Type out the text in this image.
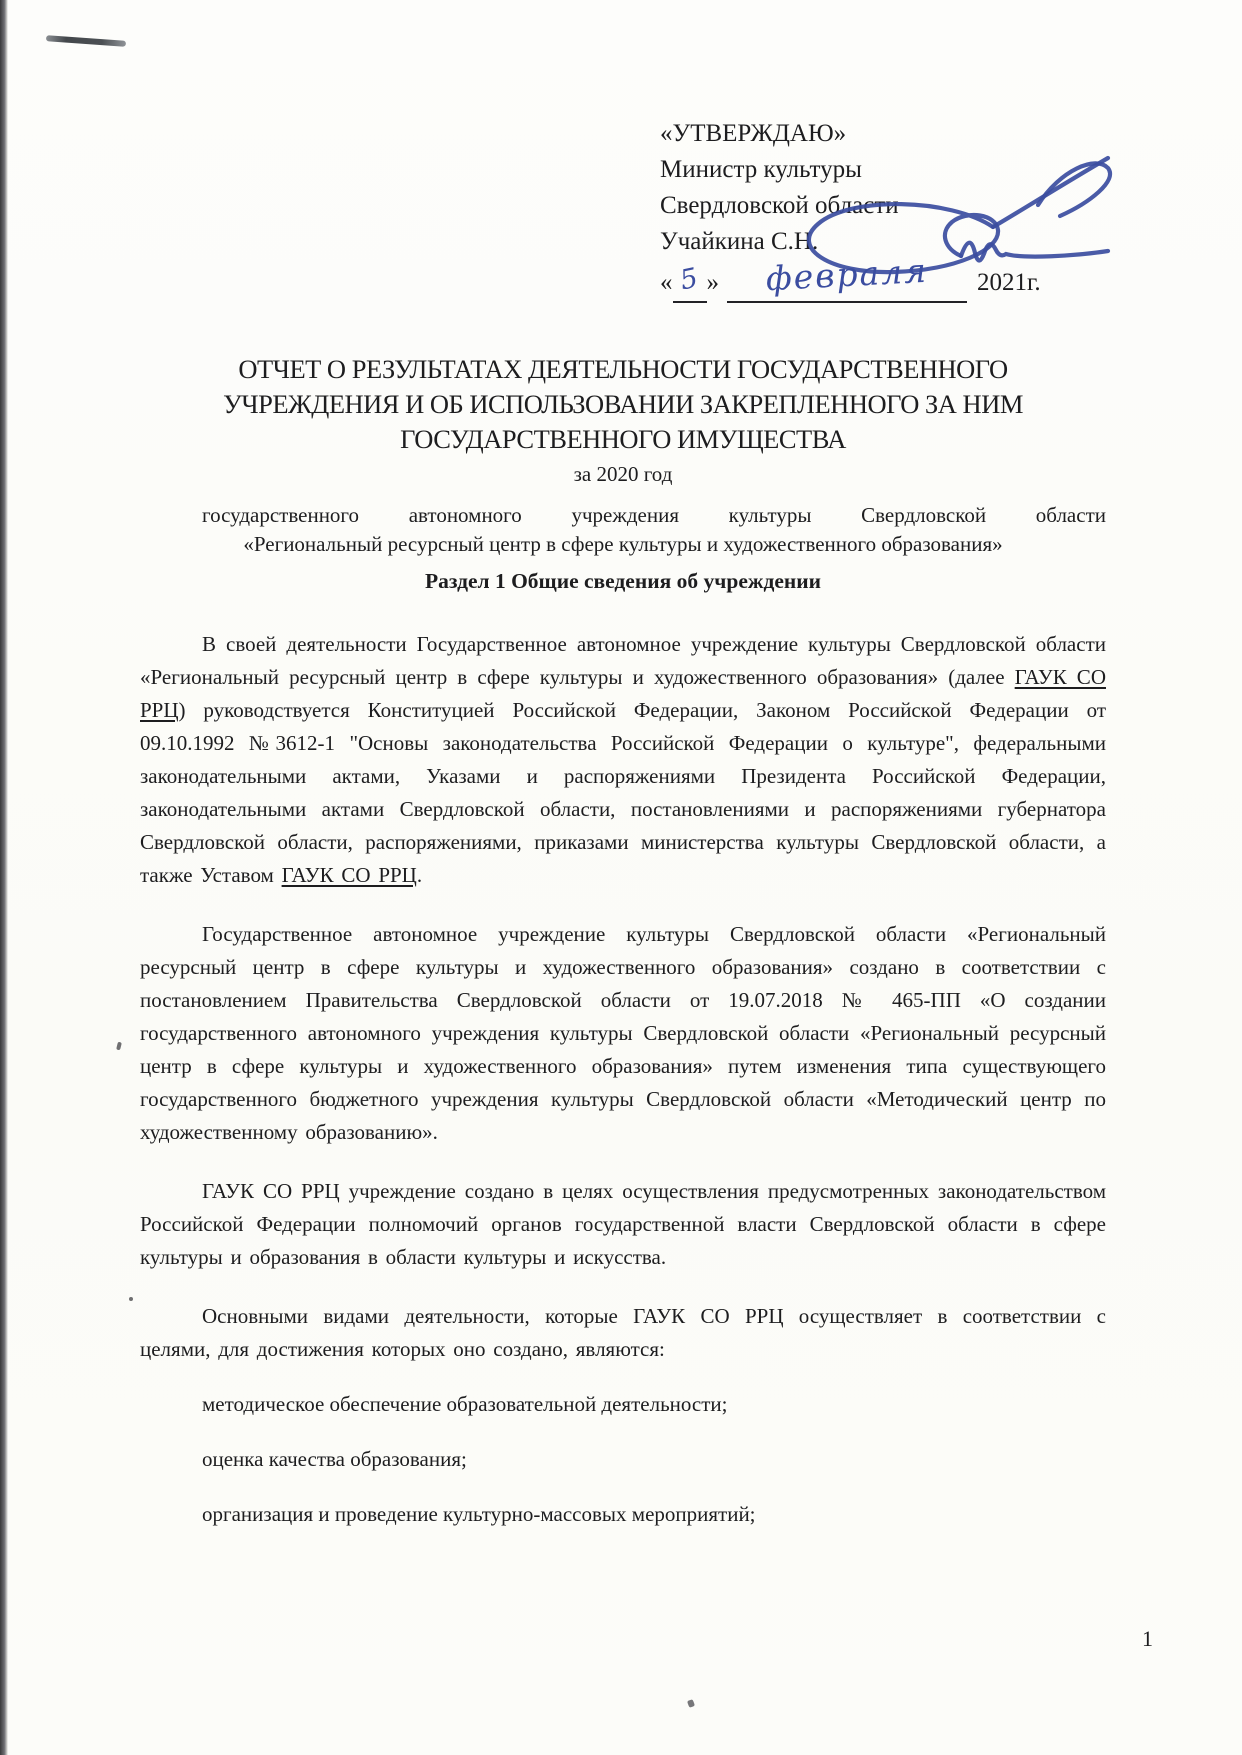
«УТВЕРЖДАЮ»
Министр культуры
Свердловской области
Учайкина С.Н.
« 5 » февраля 2021г.
ОТЧЕТ О РЕЗУЛЬТАТАХ ДЕЯТЕЛЬНОСТИ ГОСУДАРСТВЕННОГО
УЧРЕЖДЕНИЯ И ОБ ИСПОЛЬЗОВАНИИ ЗАКРЕПЛЕННОГО ЗА НИМ
ГОСУДАРСТВЕННОГО ИМУЩЕСТВА
за 2020 год
государственного автономного учреждения культуры Свердловской области
«Региональный ресурсный центр в сфере культуры и художественного образования»
Раздел 1 Общие сведения об учреждении

В своей деятельности Государственное автономное учреждение культуры Свердловской области «Региональный ресурсный центр в сфере культуры и художественного образования» (далее ГАУК СО РРЦ) руководствуется Конституцией Российской Федерации, Законом Российской Федерации от 09.10.1992 №3612-1 "Основы законодательства Российской Федерации о культуре", федеральными законодательными актами, Указами и распоряжениями Президента Российской Федерации, законодательными актами Свердловской области, постановлениями и распоряжениями губернатора Свердловской области, распоряжениями, приказами министерства культуры Свердловской области, а также Уставом ГАУК СО РРЦ.

Государственное автономное учреждение культуры Свердловской области «Региональный ресурсный центр в сфере культуры и художественного образования» создано в соответствии с постановлением Правительства Свердловской области от 19.07.2018 № 465-ПП «О создании государственного автономного учреждения культуры Свердловской области «Региональный ресурсный центр в сфере культуры и художественного образования» путем изменения типа существующего государственного бюджетного учреждения культуры Свердловской области «Методический центр по художественному образованию».

ГАУК СО РРЦ учреждение создано в целях осуществления предусмотренных законодательством Российской Федерации полномочий органов государственной власти Свердловской области в сфере культуры и образования в области культуры и искусства.

Основными видами деятельности, которые ГАУК СО РРЦ осуществляет в соответствии с целями, для достижения которых оно создано, являются:

методическое обеспечение образовательной деятельности;

оценка качества образования;

организация и проведение культурно-массовых мероприятий;

1
